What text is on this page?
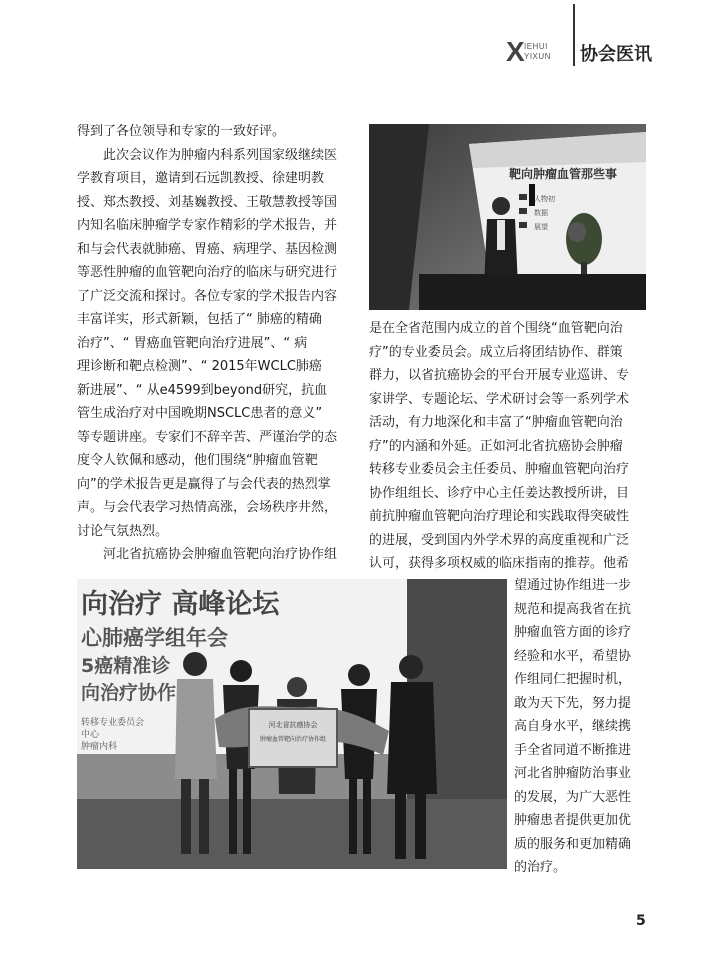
X IEHUI
YIXUN 协会医讯

得到了各位领导和专家的一致好评。

此次会议作为肿瘤内科系列国家级继续医

学教育项目，邀请到石远凯教授、徐建明教

授、郑杰教授、刘基巍教授、王敬慧教授等国

内知名临床肿瘤学专家作精彩的学术报告，并

和与会代表就肺癌、胃癌、病理学、基因检测

等恶性肿瘤的血管靶向治疗的临床与研究进行

了广泛交流和探讨。各位专家的学术报告内容

丰富详实，形式新颖，包括了“ 肺癌的精确

治疗”、“ 胃癌血管靶向治疗进展”、“ 病

理诊断和靶点检测”、“ 2015年WCLC肺癌

新进展”、“ 从e4599到beyond研究，抗血

管生成治疗对中国晚期NSCLC患者的意义”

等专题讲座。专家们不辞辛苦、严谨治学的态

度令人钦佩和感动，他们围绕“肿瘤血管靶

向”的学术报告更是赢得了与会代表的热烈掌

声。与会代表学习热情高涨，会场秩序井然，

讨论气氛热烈。

河北省抗癌协会肿瘤血管靶向治疗协作组

靶向肿瘤血管那些事
人物初
数据
展望

是在全省范围内成立的首个围绕“血管靶向治

疗”的专业委员会。成立后将团结协作、群策

群力，以省抗癌协会的平台开展专业巡讲、专

家讲学、专题论坛、学术研讨会等一系列学术

活动，有力地深化和丰富了“肿瘤血管靶向治

疗”的内涵和外延。正如河北省抗癌协会肿瘤

转移专业委员会主任委员、肿瘤血管靶向治疗

协作组组长、诊疗中心主任姜达教授所讲，目

前抗肿瘤血管靶向治疗理论和实践取得突破性

的进展，受到国内外学术界的高度重视和广泛

认可，获得多项权威的临床指南的推荐。他希

向治疗 高峰论坛
心肺癌学组年会
5癌精准诊
向治疗协作
转移专业委员会
中心
肿瘤内科
河北省抗癌协会
肿瘤血管靶向治疗协作组

望通过协作组进一步

规范和提高我省在抗

肿瘤血管方面的诊疗

经验和水平，希望协

作组同仁把握时机，

敢为天下先，努力提

高自身水平，继续携

手全省同道不断推进

河北省肿瘤防治事业

的发展，为广大恶性

肿瘤患者提供更加优

质的服务和更加精确

的治疗。

5
